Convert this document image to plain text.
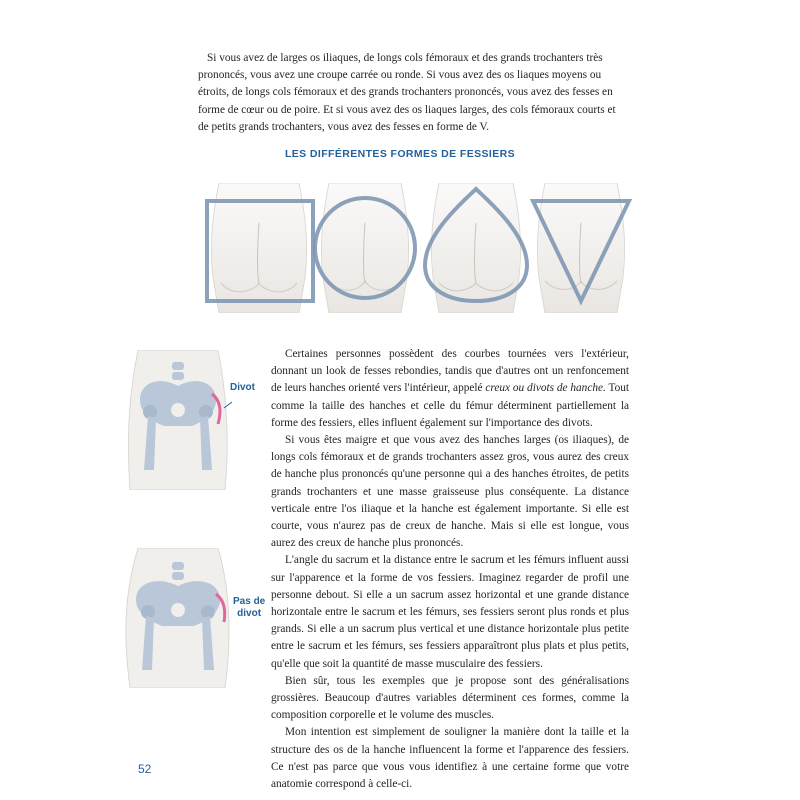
Si vous avez de larges os iliaques, de longs cols fémoraux et des grands trochanters très prononcés, vous avez une croupe carrée ou ronde. Si vous avez des os liaques moyens ou étroits, de longs cols fémoraux et des grands trochanters prononcés, vous avez des fesses en forme de cœur ou de poire. Et si vous avez des os liaques larges, des cols fémoraux courts et de petits grands trochanters, vous avez des fesses en forme de V.

LES DIFFÉRENTES FORMES DE FESSIERS
Divot
Pas de
divot

Certaines personnes possèdent des courbes tournées vers l'extérieur, donnant un look de fesses rebondies, tandis que d'autres ont un renfoncement de leurs hanches orienté vers l'intérieur, appelé creux ou divots de hanche. Tout comme la taille des hanches et celle du fémur déterminent partiellement la forme des fessiers, elles influent également sur l'importance des divots.

Si vous êtes maigre et que vous avez des hanches larges (os iliaques), de longs cols fémoraux et de grands trochanters assez gros, vous aurez des creux de hanche plus prononcés qu'une personne qui a des hanches étroites, de petits grands trochanters et une masse graisseuse plus conséquente. La distance verticale entre l'os iliaque et la hanche est également importante. Si elle est courte, vous n'aurez pas de creux de hanche. Mais si elle est longue, vous aurez des creux de hanche plus prononcés.

L'angle du sacrum et la distance entre le sacrum et les fémurs influent aussi sur l'apparence et la forme de vos fessiers. Imaginez regarder de profil une personne debout. Si elle a un sacrum assez horizontal et une grande distance horizontale entre le sacrum et les fémurs, ses fessiers seront plus ronds et plus grands. Si elle a un sacrum plus vertical et une distance horizontale plus petite entre le sacrum et les fémurs, ses fessiers apparaîtront plus plats et plus petits, qu'elle que soit la quantité de masse musculaire des fessiers.

Bien sûr, tous les exemples que je propose sont des généralisations grossières. Beaucoup d'autres variables déterminent ces formes, comme la composition corporelle et le volume des muscles.

Mon intention est simplement de souligner la manière dont la taille et la structure des os de la hanche influencent la forme et l'apparence des fessiers. Ce n'est pas parce que vous vous identifiez à une certaine forme que votre anatomie correspond à celle-ci.

52
